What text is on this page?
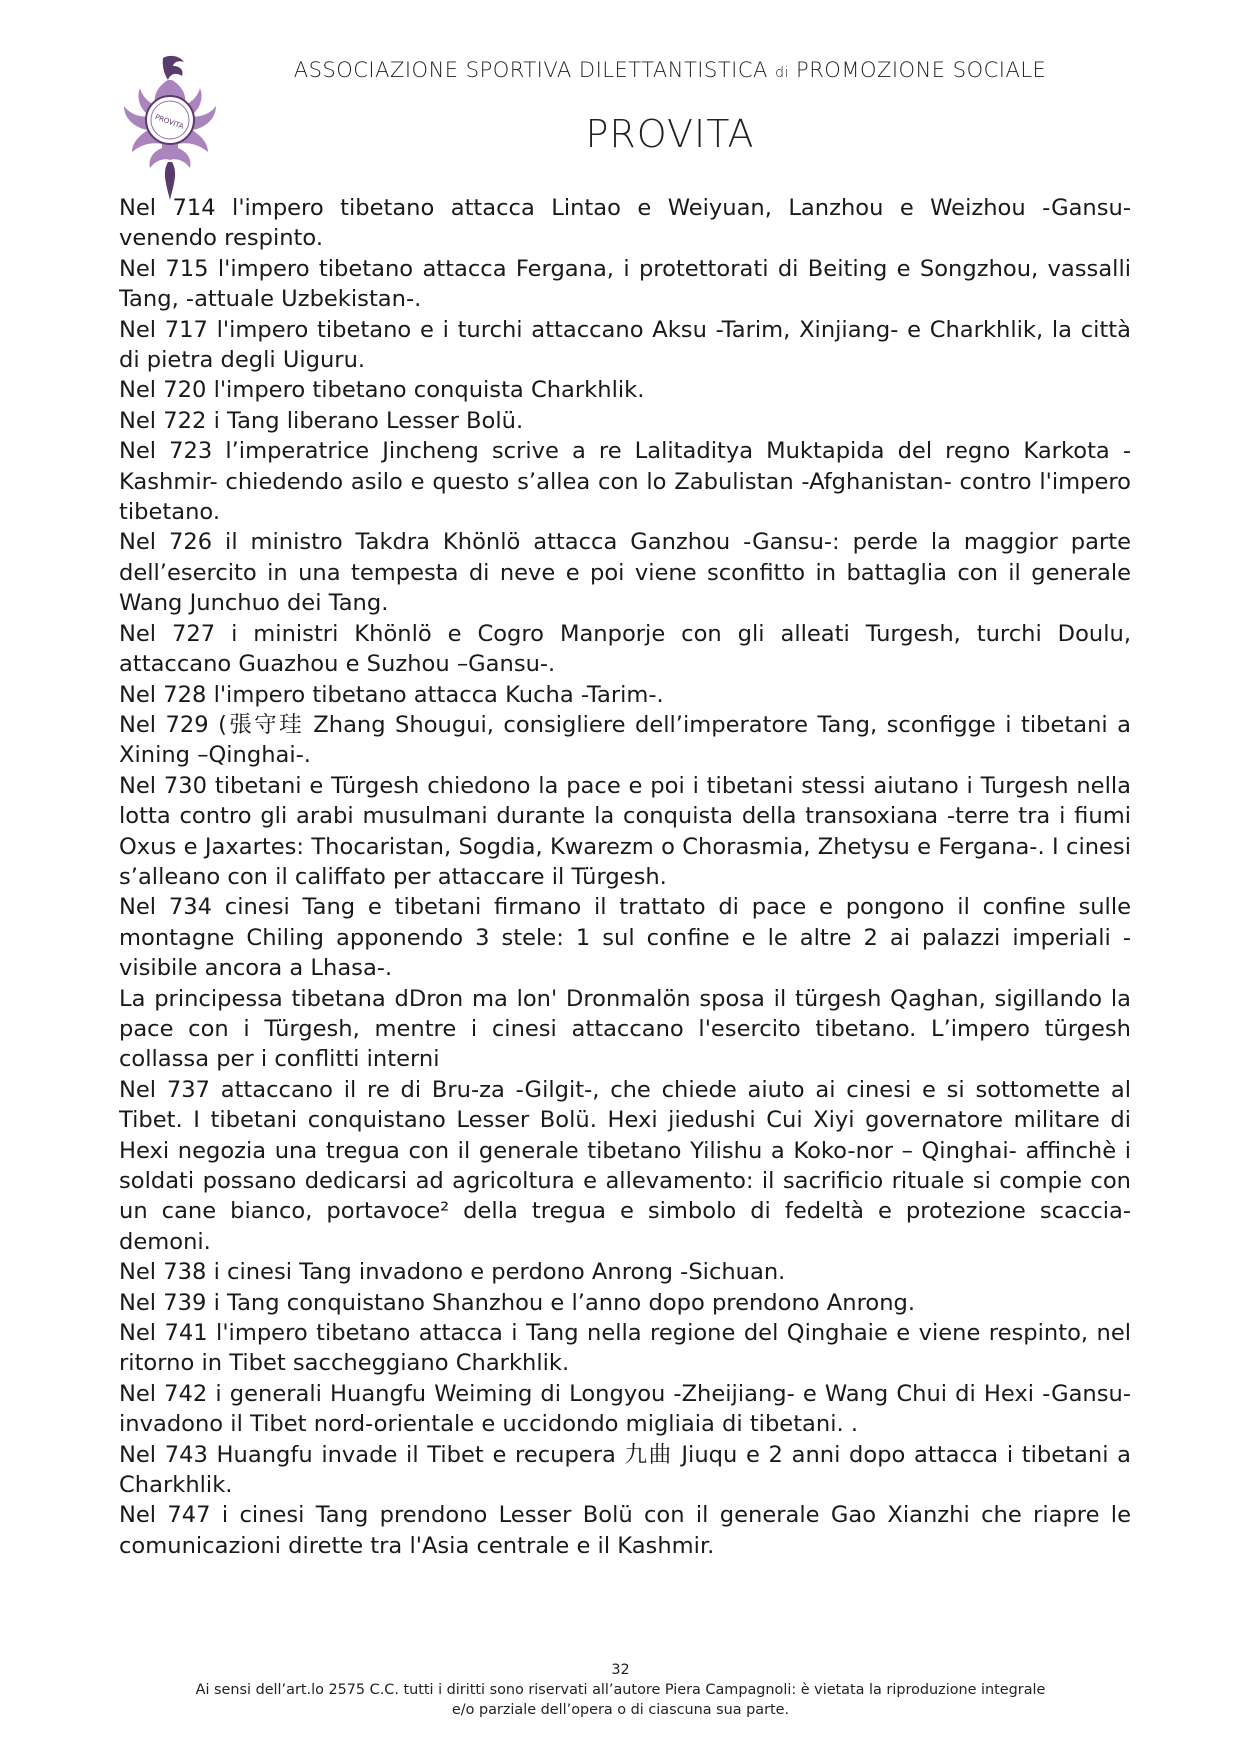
PROVITA
ASSOCIAZIONE SPORTIVA DILETTANTISTICA di PROMOZIONE SOCIALE
PROVITA

Nel 714 l'impero tibetano attacca Lintao e Weiyuan, Lanzhou e Weizhou -Gansu- venendo respinto.

Nel 715 l'impero tibetano attacca Fergana, i protettorati di Beiting e Songzhou, vassalli Tang, -attuale Uzbekistan-.

Nel 717 l'impero tibetano e i turchi attaccano Aksu -Tarim, Xinjiang- e Charkhlik, la città di pietra degli Uiguru.

Nel 720 l'impero tibetano conquista Charkhlik.

Nel 722 i Tang liberano Lesser Bolü.

Nel 723 l’imperatrice Jincheng scrive a re Lalitaditya Muktapida del regno Karkota -Kashmir- chiedendo asilo e questo s’allea con lo Zabulistan -Afghanistan- contro l'impero tibetano.

Nel 726 il ministro Takdra Khönlö attacca Ganzhou -Gansu-: perde la maggior parte dell’esercito in una tempesta di neve e poi viene sconfitto in battaglia con il generale Wang Junchuo dei Tang.

Nel 727 i ministri Khönlö e Cogro Manporje con gli alleati Turgesh, turchi Doulu, attaccano Guazhou e Suzhou –Gansu-.

Nel 728 l'impero tibetano attacca Kucha -Tarim-.

Nel 729 (張守珪 Zhang Shougui, consigliere dell’imperatore Tang, sconfigge i tibetani a Xining –Qinghai-.

Nel 730 tibetani e Türgesh chiedono la pace e poi i tibetani stessi aiutano i Turgesh nella lotta contro gli arabi musulmani durante la conquista della transoxiana -terre tra i fiumi Oxus e Jaxartes: Thocaristan, Sogdia, Kwarezm o Chorasmia, Zhetysu e Fergana-. I cinesi s’alleano con il califfato per attaccare il Türgesh.

Nel 734 cinesi Tang e tibetani firmano il trattato di pace e pongono il confine sulle montagne Chiling apponendo 3 stele: 1 sul confine e le altre 2 ai palazzi imperiali -visibile ancora a Lhasa-.

La principessa tibetana dDron ma lon' Dronmalön sposa il türgesh Qaghan, sigillando la pace con i Türgesh, mentre i cinesi attaccano l'esercito tibetano. L’impero türgesh collassa per i conflitti interni

Nel 737 attaccano il re di Bru-za -Gilgit-, che chiede aiuto ai cinesi e si sottomette al Tibet. I tibetani conquistano Lesser Bolü. Hexi jiedushi Cui Xiyi governatore militare di Hexi negozia una tregua con il generale tibetano Yilishu a Koko-nor – Qinghai- affinchè i soldati possano dedicarsi ad agricoltura e allevamento: il sacrificio rituale si compie con un cane bianco, portavoce² della tregua e simbolo di fedeltà e protezione scaccia-demoni.

Nel 738 i cinesi Tang invadono e perdono Anrong -Sichuan.

Nel 739 i Tang conquistano Shanzhou e l’anno dopo prendono Anrong.

Nel 741 l'impero tibetano attacca i Tang nella regione del Qinghaie e viene respinto, nel ritorno in Tibet saccheggiano Charkhlik.

Nel 742 i generali Huangfu Weiming di Longyou -Zheijiang- e Wang Chui di Hexi -Gansu- invadono il Tibet nord-orientale e uccidondo migliaia di tibetani. .

Nel 743 Huangfu invade il Tibet e recupera 九曲 Jiuqu e 2 anni dopo attacca i tibetani a Charkhlik.

Nel 747 i cinesi Tang prendono Lesser Bolü con il generale Gao Xianzhi che riapre le comunicazioni dirette tra l'Asia centrale e il Kashmir.

32
Ai sensi dell’art.lo 2575 C.C. tutti i diritti sono riservati all’autore Piera Campagnoli: è vietata la riproduzione integrale
e/o parziale dell’opera o di ciascuna sua parte.
